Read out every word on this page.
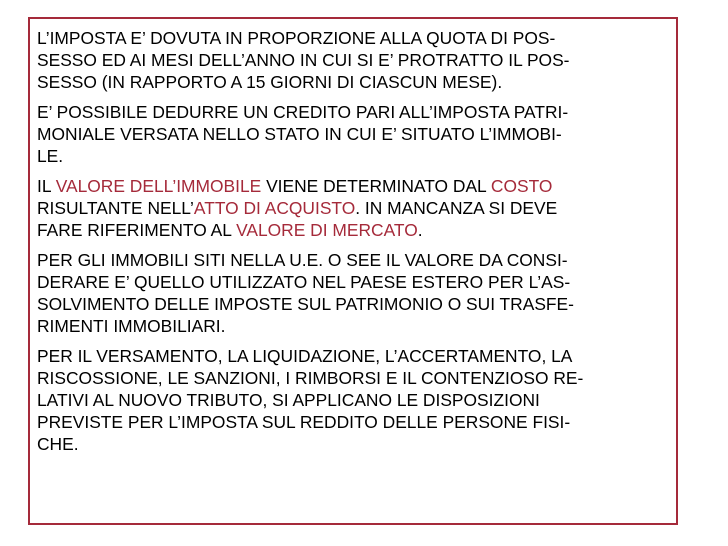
L’IMPOSTA E’ DOVUTA IN PROPORZIONE ALLA QUOTA DI POS-
SESSO ED AI MESI DELL’ANNO IN CUI SI E’ PROTRATTO IL POS-
SESSO (IN RAPPORTO A 15 GIORNI DI CIASCUN MESE).

E’ POSSIBILE DEDURRE UN CREDITO PARI ALL’IMPOSTA PATRI-
MONIALE VERSATA NELLO STATO IN CUI E’ SITUATO L’IMMOBI-
LE.

IL VALORE DELL’IMMOBILE VIENE DETERMINATO DAL COSTO
RISULTANTE NELL’ATTO DI ACQUISTO. IN MANCANZA SI DEVE
FARE RIFERIMENTO AL VALORE DI MERCATO.

PER GLI IMMOBILI SITI NELLA U.E. O SEE IL VALORE DA CONSI-
DERARE E’ QUELLO UTILIZZATO NEL PAESE ESTERO PER L’AS-
SOLVIMENTO DELLE IMPOSTE SUL PATRIMONIO O SUI TRASFE-
RIMENTI IMMOBILIARI.

PER IL VERSAMENTO, LA LIQUIDAZIONE, L’ACCERTAMENTO, LA
RISCOSSIONE, LE SANZIONI, I RIMBORSI E IL CONTENZIOSO RE-
LATIVI AL NUOVO TRIBUTO, SI APPLICANO LE DISPOSIZIONI
PREVISTE PER L’IMPOSTA SUL REDDITO DELLE PERSONE FISI-
CHE.
